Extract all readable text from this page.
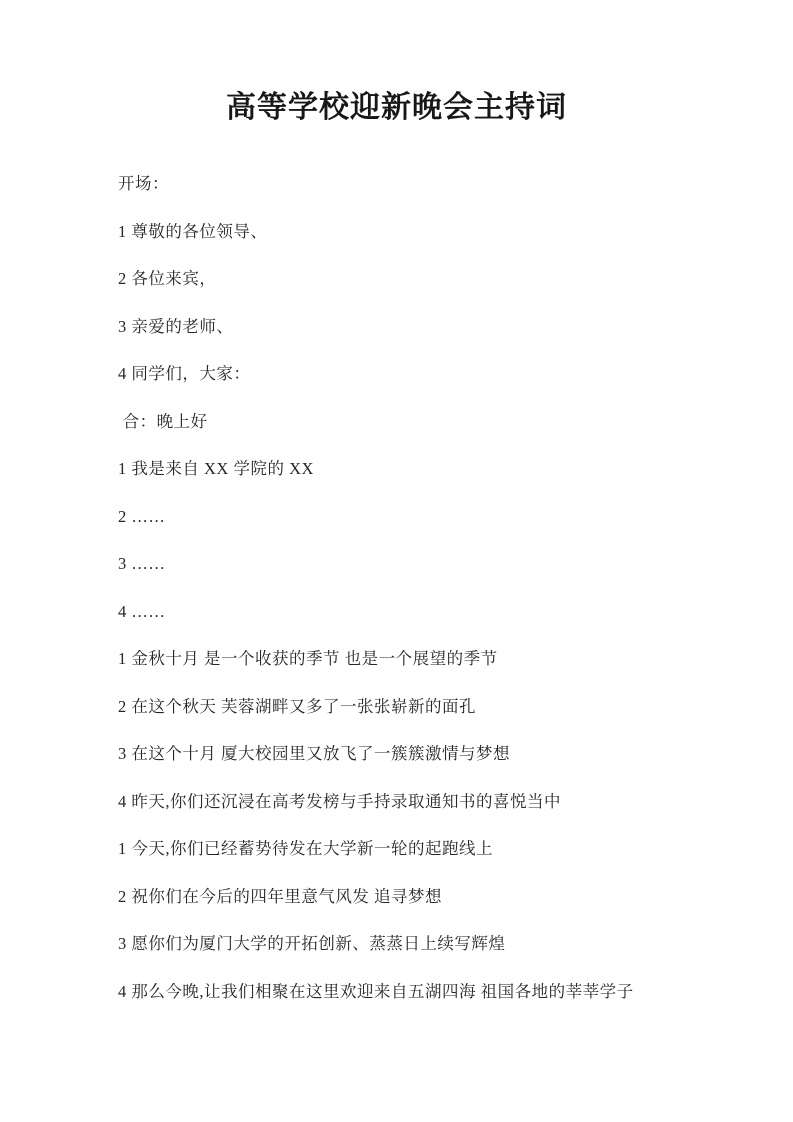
高等学校迎新晚会主持词

开场：

1 尊敬的各位领导、

2 各位来宾，

3 亲爱的老师、

4 同学们，大家：

合：晚上好

1 我是来自 XX 学院的 XX

2 ……

3 ……

4 ……

1 金秋十月 是一个收获的季节 也是一个展望的季节

2 在这个秋天 芙蓉湖畔又多了一张张崭新的面孔

3 在这个十月 厦大校园里又放飞了一簇簇激情与梦想

4 昨天,你们还沉浸在高考发榜与手持录取通知书的喜悦当中

1 今天,你们已经蓄势待发在大学新一轮的起跑线上

2 祝你们在今后的四年里意气风发 追寻梦想

3 愿你们为厦门大学的开拓创新、蒸蒸日上续写辉煌

4 那么今晚,让我们相聚在这里欢迎来自五湖四海 祖国各地的莘莘学子
